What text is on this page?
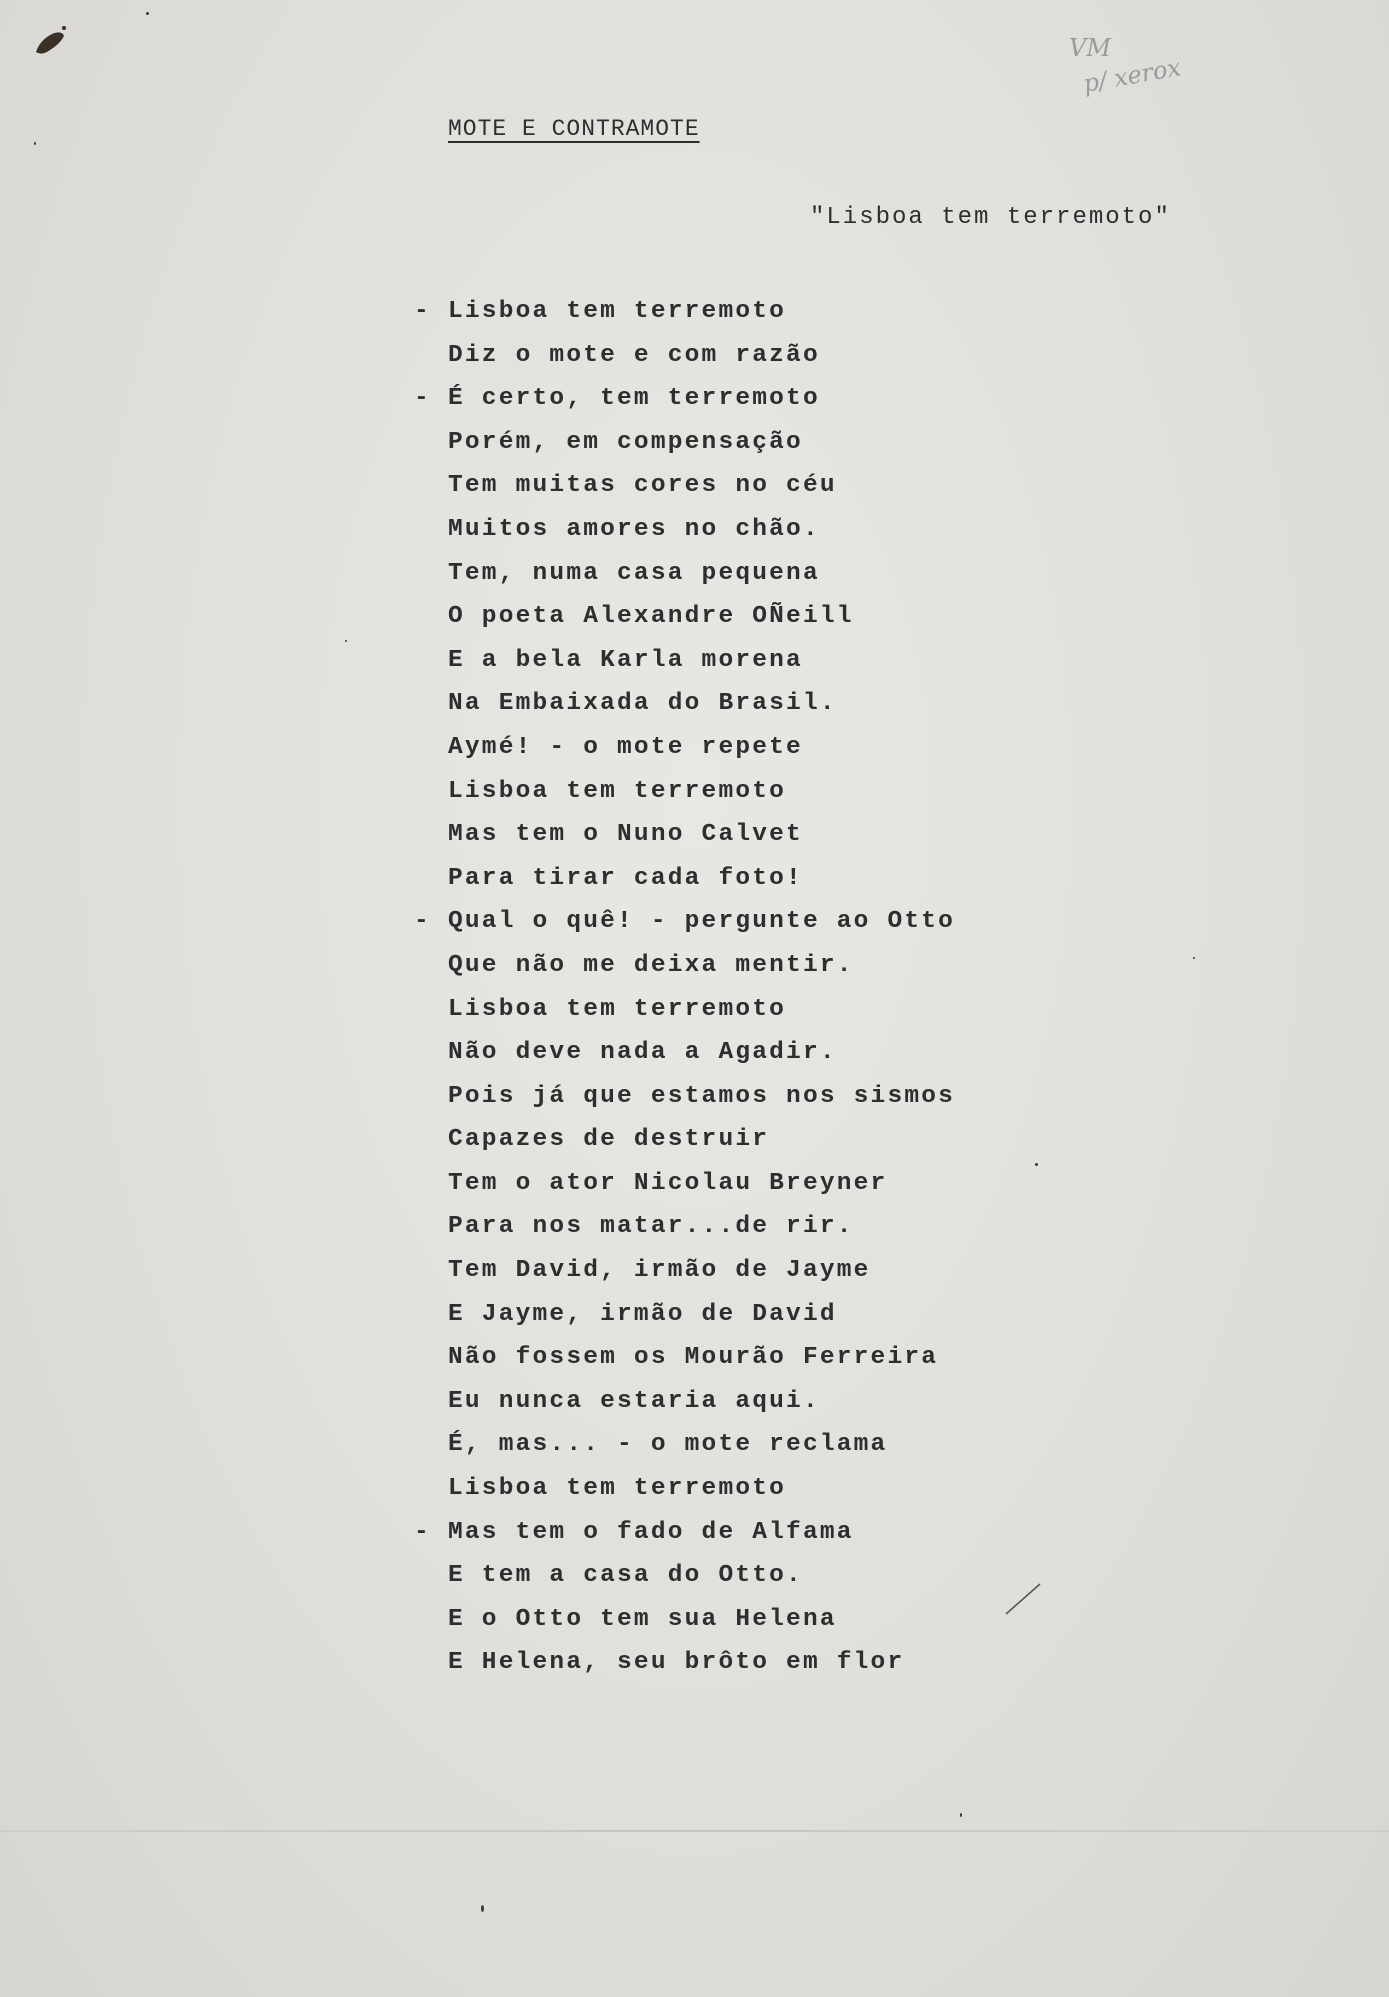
VM
p/ xerox
MOTE E CONTRAMOTE
"Lisboa tem terremoto"
- Lisboa tem terremoto
Diz o mote e com razão
- É certo, tem terremoto
Porém, em compensação
Tem muitas cores no céu
Muitos amores no chão.
Tem, numa casa pequena
O poeta Alexandre OÑeill
E a bela Karla morena
Na Embaixada do Brasil.
Aymé! - o mote repete
Lisboa tem terremoto
Mas tem o Nuno Calvet
Para tirar cada foto!
- Qual o quê! - pergunte ao Otto
Que não me deixa mentir.
Lisboa tem terremoto
Não deve nada a Agadir.
Pois já que estamos nos sismos
Capazes de destruir
Tem o ator Nicolau Breyner
Para nos matar...de rir.
Tem David, irmão de Jayme
E Jayme, irmão de David
Não fossem os Mourão Ferreira
Eu nunca estaria aqui.
É, mas... - o mote reclama
Lisboa tem terremoto
- Mas tem o fado de Alfama
E tem a casa do Otto.
E o Otto tem sua Helena
E Helena, seu brôto em flor
